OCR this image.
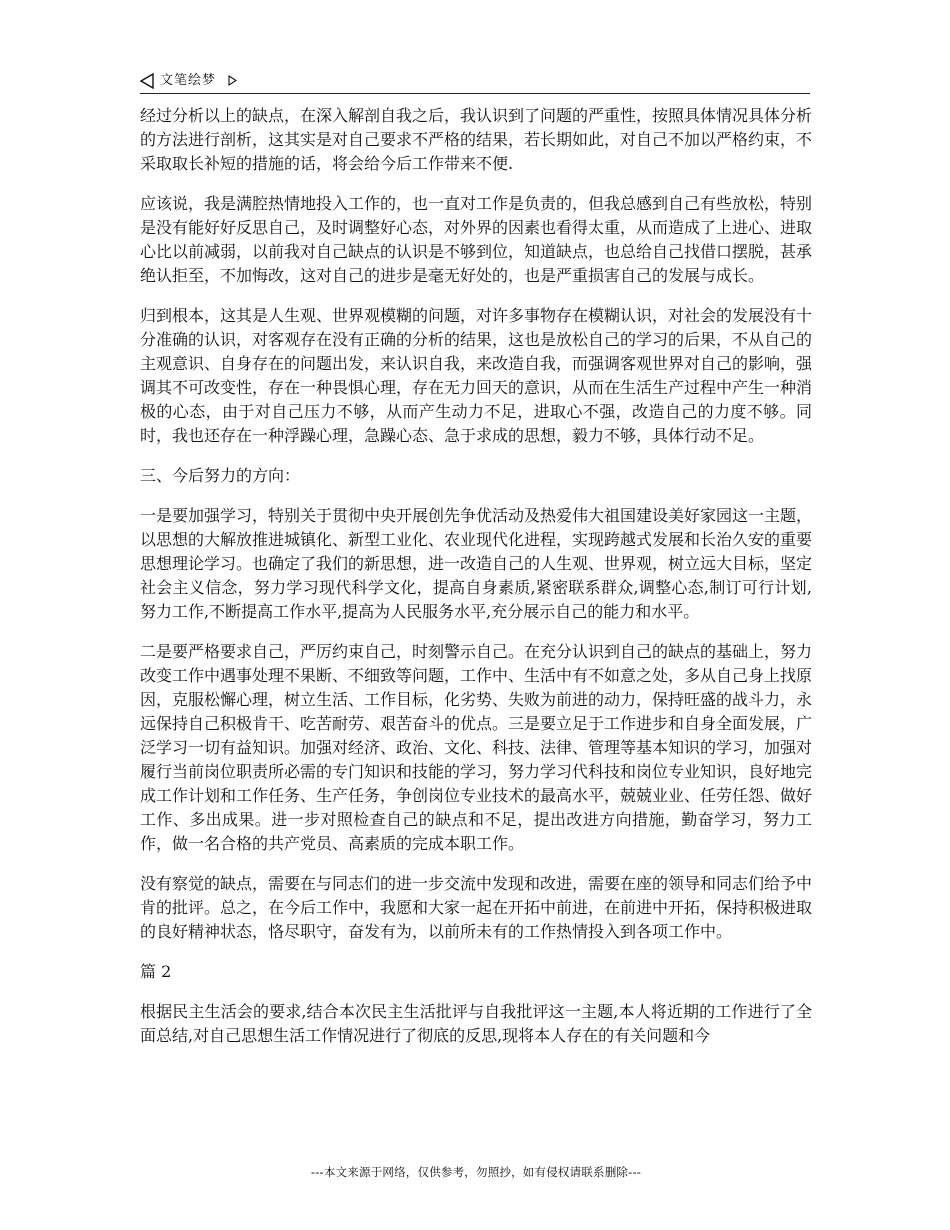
文笔绘梦

经过分析以上的缺点，在深入解剖自我之后，我认识到了问题的严重性，按照具体情况具体分析的方法进行剖析，这其实是对自己要求不严格的结果，若长期如此，对自己不加以严格约束，不采取取长补短的措施的话，将会给今后工作带来不便.

应该说，我是满腔热情地投入工作的，也一直对工作是负责的，但我总感到自己有些放松，特别是没有能好好反思自己，及时调整好心态，对外界的因素也看得太重，从而造成了上进心、进取心比以前减弱，以前我对自己缺点的认识是不够到位，知道缺点，也总给自己找借口摆脱，甚承绝认拒至，不加悔改，这对自己的进步是毫无好处的，也是严重损害自己的发展与成长。

归到根本，这其是人生观、世界观模糊的问题，对许多事物存在模糊认识，对社会的发展没有十分准确的认识，对客观存在没有正确的分析的结果，这也是放松自己的学习的后果，不从自己的主观意识、自身存在的问题出发，来认识自我，来改造自我，而强调客观世界对自己的影响，强调其不可改变性，存在一种畏惧心理，存在无力回天的意识，从而在生活生产过程中产生一种消极的心态，由于对自己压力不够，从而产生动力不足，进取心不强，改造自己的力度不够。同时，我也还存在一种浮躁心理，急躁心态、急于求成的思想，毅力不够，具体行动不足。

三、今后努力的方向：

一是要加强学习，特别关于贯彻中央开展创先争优活动及热爱伟大祖国建设美好家园这一主题，以思想的大解放推进城镇化、新型工业化、农业现代化进程，实现跨越式发展和长治久安的重要思想理论学习。也确定了我们的新思想，进一改造自己的人生观、世界观，树立远大目标，坚定社会主义信念，努力学习现代科学文化，提高自身素质,紧密联系群众,调整心态,制订可行计划,努力工作,不断提高工作水平,提高为人民服务水平,充分展示自己的能力和水平。

二是要严格要求自己，严厉约束自己，时刻警示自己。在充分认识到自己的缺点的基础上，努力改变工作中遇事处理不果断、不细致等问题，工作中、生活中有不如意之处，多从自己身上找原因，克服松懈心理，树立生活、工作目标，化劣势、失败为前进的动力，保持旺盛的战斗力，永远保持自己积极肯干、吃苦耐劳、艰苦奋斗的优点。三是要立足于工作进步和自身全面发展，广泛学习一切有益知识。加强对经济、政治、文化、科技、法律、管理等基本知识的学习，加强对履行当前岗位职责所必需的专门知识和技能的学习，努力学习代科技和岗位专业知识，良好地完成工作计划和工作任务、生产任务，争创岗位专业技术的最高水平，兢兢业业、任劳任怨、做好工作、多出成果。进一步对照检查自己的缺点和不足，提出改进方向措施，勤奋学习，努力工作，做一名合格的共产党员、高素质的完成本职工作。

没有察觉的缺点，需要在与同志们的进一步交流中发现和改进，需要在座的领导和同志们给予中肯的批评。总之，在今后工作中，我愿和大家一起在开拓中前进，在前进中开拓，保持积极进取的良好精神状态，恪尽职守，奋发有为，以前所未有的工作热情投入到各项工作中。

篇 2

根据民主生活会的要求,结合本次民主生活批评与自我批评这一主题,本人将近期的工作进行了全面总结,对自己思想生活工作情况进行了彻底的反思,现将本人存在的有关问题和今

---本文来源于网络，仅供参考，勿照抄，如有侵权请联系删除---
